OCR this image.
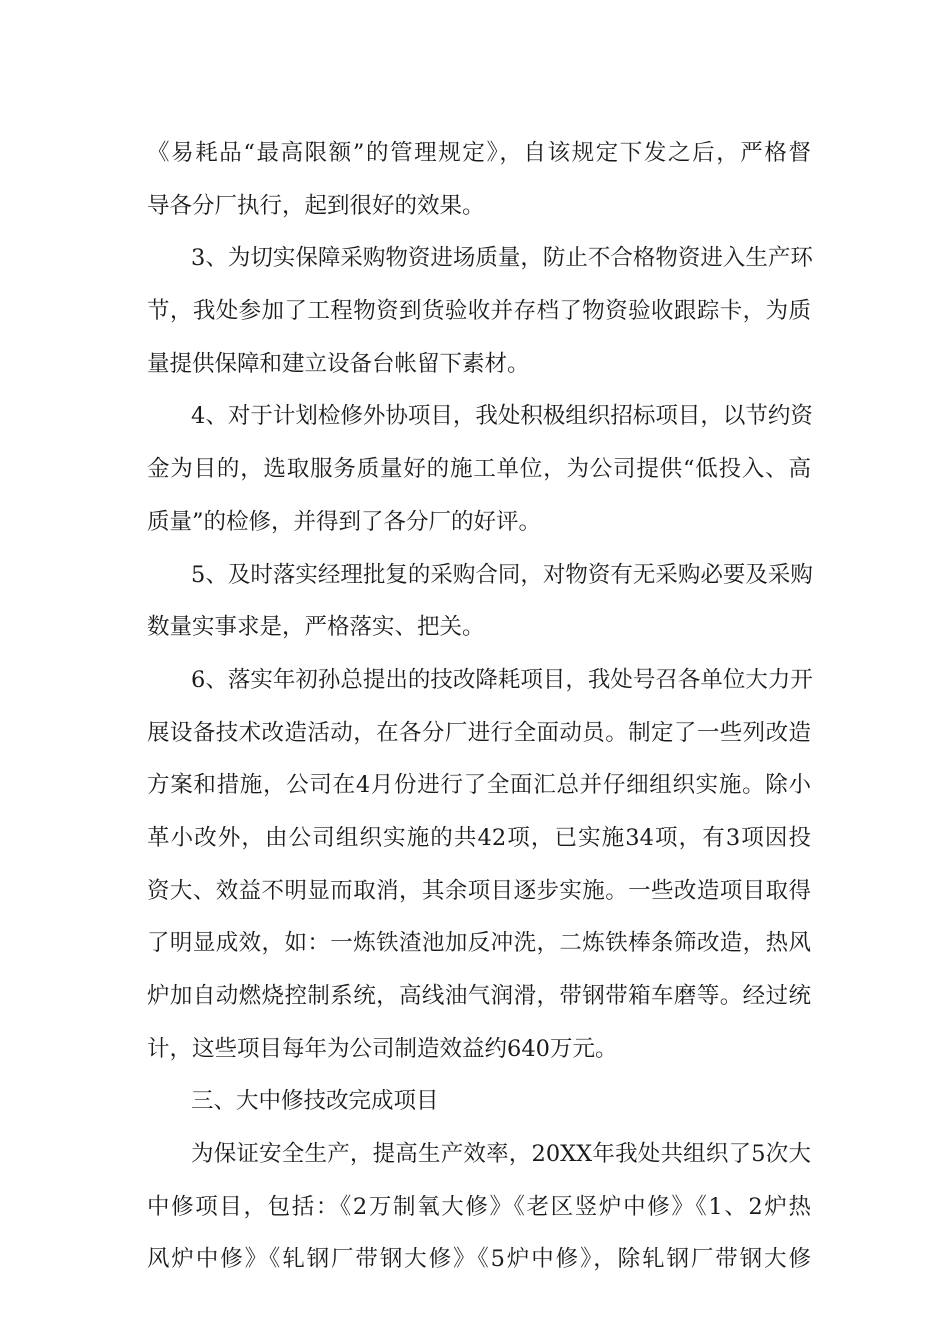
《易耗品“最高限额”的管理规定》，自该规定下发之后，严格督
导各分厂执行，起到很好的效果。
3、为切实保障采购物资进场质量，防止不合格物资进入生产环
节，我处参加了工程物资到货验收并存档了物资验收跟踪卡，为质
量提供保障和建立设备台帐留下素材。
4、对于计划检修外协项目，我处积极组织招标项目，以节约资
金为目的，选取服务质量好的施工单位，为公司提供“低投入、高
质量”的检修，并得到了各分厂的好评。
5、及时落实经理批复的采购合同，对物资有无采购必要及采购
数量实事求是，严格落实、把关。
6、落实年初孙总提出的技改降耗项目，我处号召各单位大力开
展设备技术改造活动，在各分厂进行全面动员。制定了一些列改造
方案和措施，公司在4月份进行了全面汇总并仔细组织实施。除小
革小改外，由公司组织实施的共42项，已实施34项，有3项因投
资大、效益不明显而取消，其余项目逐步实施。一些改造项目取得
了明显成效，如：一炼铁渣池加反冲洗，二炼铁棒条筛改造，热风
炉加自动燃烧控制系统，高线油气润滑，带钢带箱车磨等。经过统
计，这些项目每年为公司制造效益约640万元。
三、大中修技改完成项目
为保证安全生产，提高生产效率，20XX年我处共组织了5次大
中修项目，包括：《2万制氧大修》《老区竖炉中修》《1、2炉热
风炉中修》《轧钢厂带钢大修》《5炉中修》，除轧钢厂带钢大修
